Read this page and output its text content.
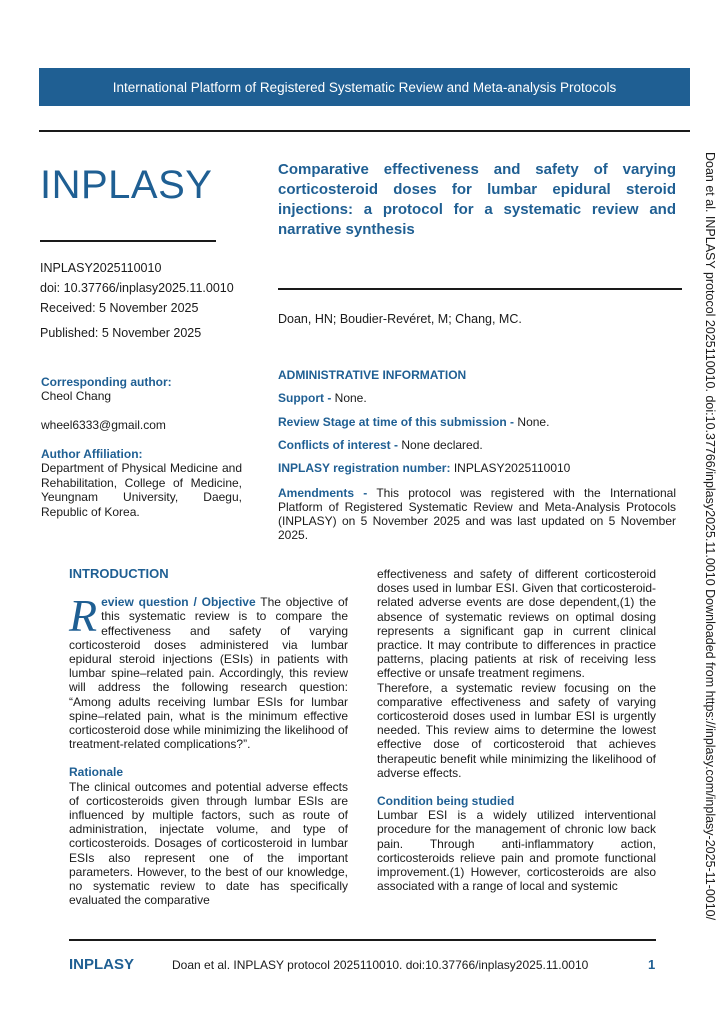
International Platform of Registered Systematic Review and Meta-analysis Protocols
INPLASY
INPLASY2025110010
doi: 10.37766/inplasy2025.11.0010
Received: 5 November 2025
Published: 5 November 2025
Comparative effectiveness and safety of varying corticosteroid doses for lumbar epidural steroid injections: a protocol for a systematic review and narrative synthesis
Doan, HN; Boudier-Revéret, M; Chang, MC.
Corresponding author:
Cheol Chang
wheel6333@gmail.com
Author Affiliation:
Department of Physical Medicine and Rehabilitation, College of Medicine, Yeungnam University, Daegu, Republic of Korea.
ADMINISTRATIVE INFORMATION
Support - None.
Review Stage at time of this submission - None.
Conflicts of interest - None declared.
INPLASY registration number: INPLASY2025110010
Amendments - This protocol was registered with the International Platform of Registered Systematic Review and Meta-Analysis Protocols (INPLASY) on 5 November 2025 and was last updated on 5 November 2025.

INTRODUCTION

Review question / Objective The objective of this systematic review is to compare the effectiveness and safety of varying corticosteroid doses administered via lumbar epidural steroid injections (ESIs) in patients with lumbar spine–related pain. Accordingly, this review will address the following research question: “Among adults receiving lumbar ESIs for lumbar spine–related pain, what is the minimum effective corticosteroid dose while minimizing the likelihood of treatment-related complications?”.

Rationale

The clinical outcomes and potential adverse effects of corticosteroids given through lumbar ESIs are influenced by multiple factors, such as route of administration, injectate volume, and type of corticosteroids. Dosages of corticosteroid in lumbar ESIs also represent one of the important parameters. However, to the best of our knowledge, no systematic review to date has specifically evaluated the comparative

effectiveness and safety of different corticosteroid doses used in lumbar ESI. Given that corticosteroid-related adverse events are dose dependent,(1) the absence of systematic reviews on optimal dosing represents a significant gap in current clinical practice. It may contribute to differences in practice patterns, placing patients at risk of receiving less effective or unsafe treatment regimens.

Therefore, a systematic review focusing on the comparative effectiveness and safety of varying corticosteroid doses used in lumbar ESI is urgently needed. This review aims to determine the lowest effective dose of corticosteroid that achieves therapeutic benefit while minimizing the likelihood of adverse effects.

Condition being studied

Lumbar ESI is a widely utilized interventional procedure for the management of chronic low back pain. Through anti-inflammatory action, corticosteroids relieve pain and promote functional improvement.(1) However, corticosteroids are also associated with a range of local and systemic	Doan et al. INPLASY protocol 2025110010. doi:10.37766/inplasy2025.11.0010 Downloaded from https://inplasy.com/inplasy-2025-11-0010/
INPLASY	Doan et al. INPLASY protocol 2025110010. doi:10.37766/inplasy2025.11.0010	1
